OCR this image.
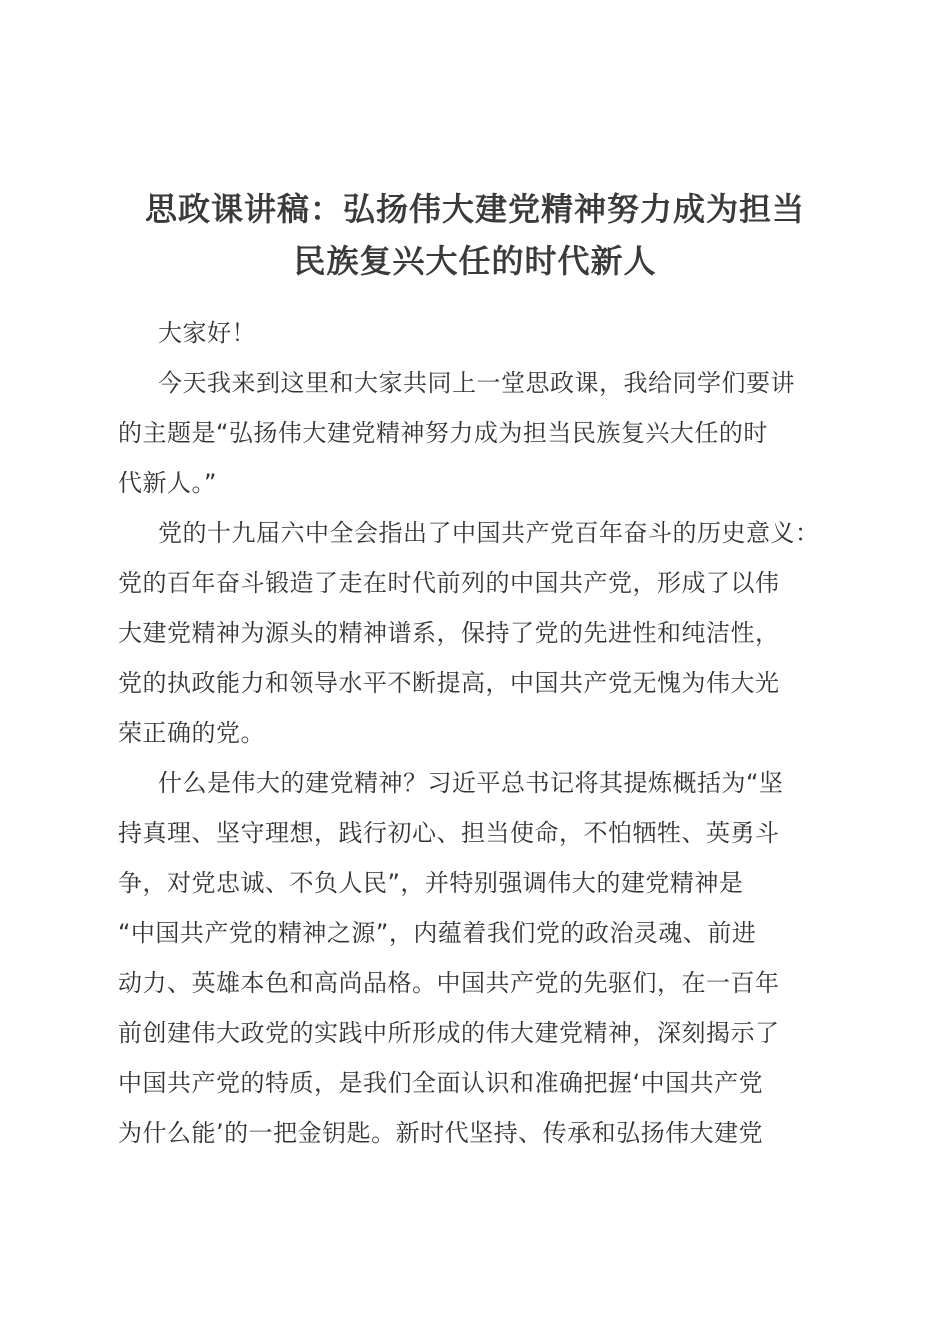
思政课讲稿：弘扬伟大建党精神努力成为担当
民族复兴大任的时代新人
大家好！
今天我来到这里和大家共同上一堂思政课，我给同学们要讲
的主题是“弘扬伟大建党精神努力成为担当民族复兴大任的时
代新人。”
党的十九届六中全会指出了中国共产党百年奋斗的历史意义：
党的百年奋斗锻造了走在时代前列的中国共产党，形成了以伟
大建党精神为源头的精神谱系，保持了党的先进性和纯洁性，
党的执政能力和领导水平不断提高，中国共产党无愧为伟大光
荣正确的党。
什么是伟大的建党精神？习近平总书记将其提炼概括为“坚
持真理、坚守理想，践行初心、担当使命，不怕牺牲、英勇斗
争，对党忠诚、不负人民”，并特别强调伟大的建党精神是
“中国共产党的精神之源”，内蕴着我们党的政治灵魂、前进
动力、英雄本色和高尚品格。中国共产党的先驱们，在一百年
前创建伟大政党的实践中所形成的伟大建党精神，深刻揭示了
中国共产党的特质，是我们全面认识和准确把握‘中国共产党
为什么能’的一把金钥匙。新时代坚持、传承和弘扬伟大建党
